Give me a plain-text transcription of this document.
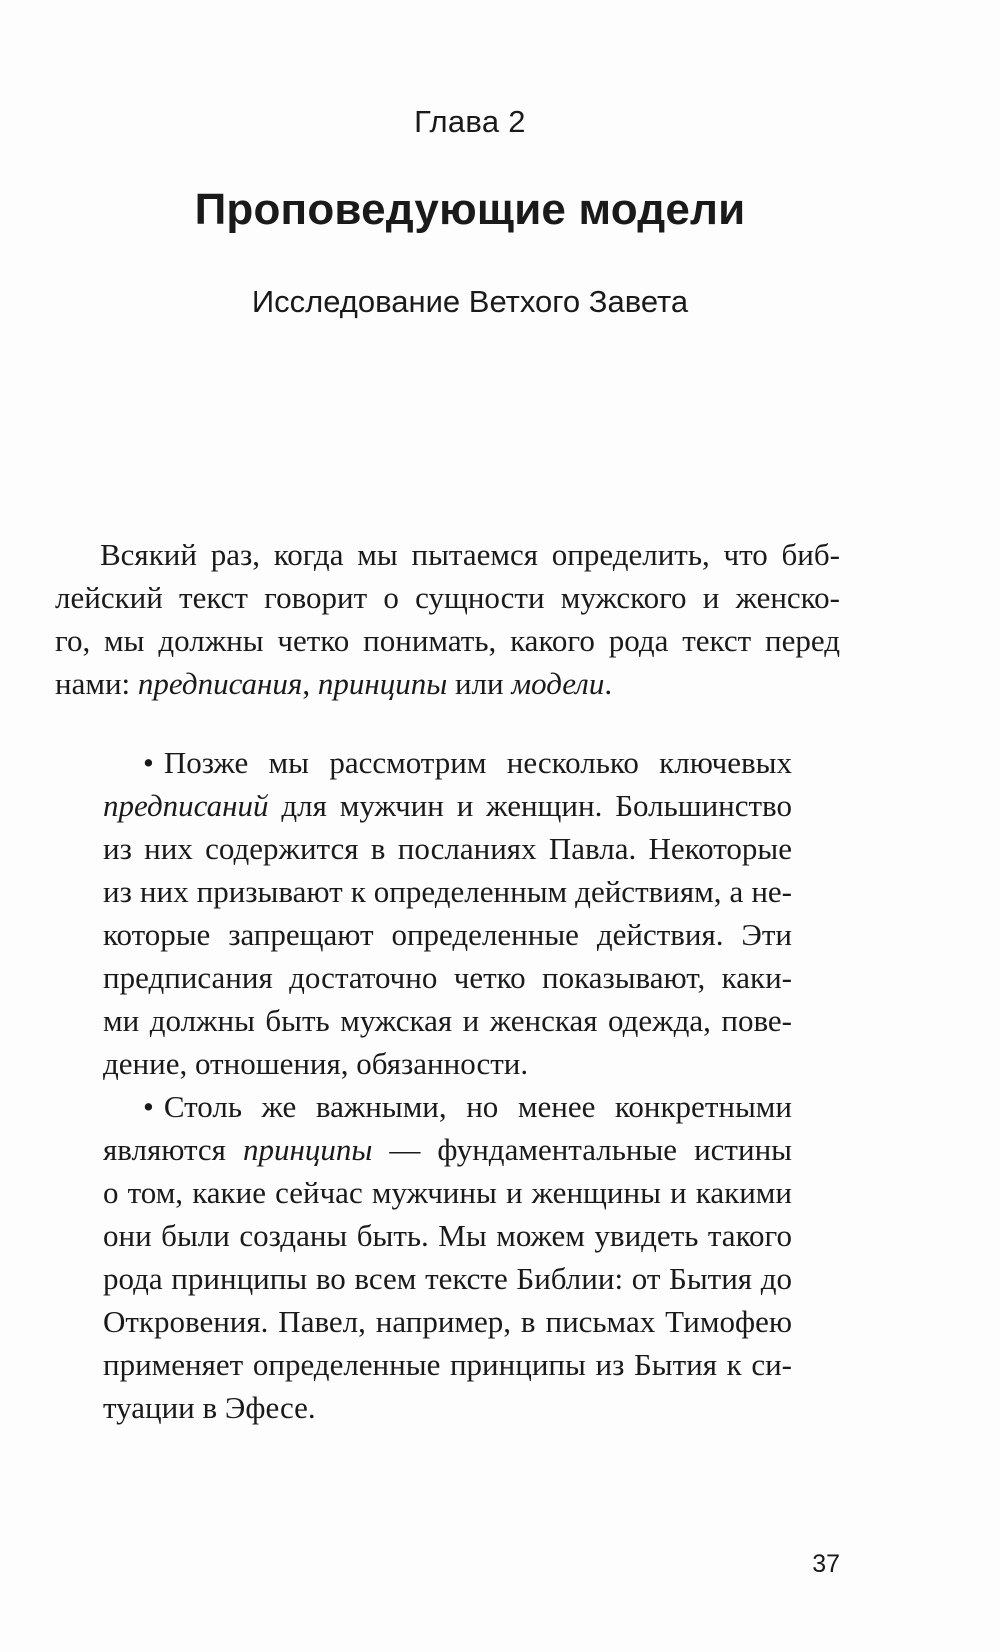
Глава 2
Проповедующие модели
Исследование Ветхого Завета
Всякий раз, когда мы пытаемся определить, что биб-
лейский текст говорит о сущности мужского и женско-
го, мы должны четко понимать, какого рода текст перед
нами: предписания, принципы или модели.
• Позже мы рассмотрим несколько ключевых
предписаний для мужчин и женщин. Большинство
из них содержится в посланиях Павла. Некоторые
из них призывают к определенным действиям, а не-
которые запрещают определенные действия. Эти
предписания достаточно четко показывают, каки-
ми должны быть мужская и женская одежда, пове-
дение, отношения, обязанности.
• Столь же важными, но менее конкретными
являются принципы — фундаментальные истины
о том, какие сейчас мужчины и женщины и какими
они были созданы быть. Мы можем увидеть такого
рода принципы во всем тексте Библии: от Бытия до
Откровения. Павел, например, в письмах Тимофею
применяет определенные принципы из Бытия к си-
туации в Эфесе.
37
